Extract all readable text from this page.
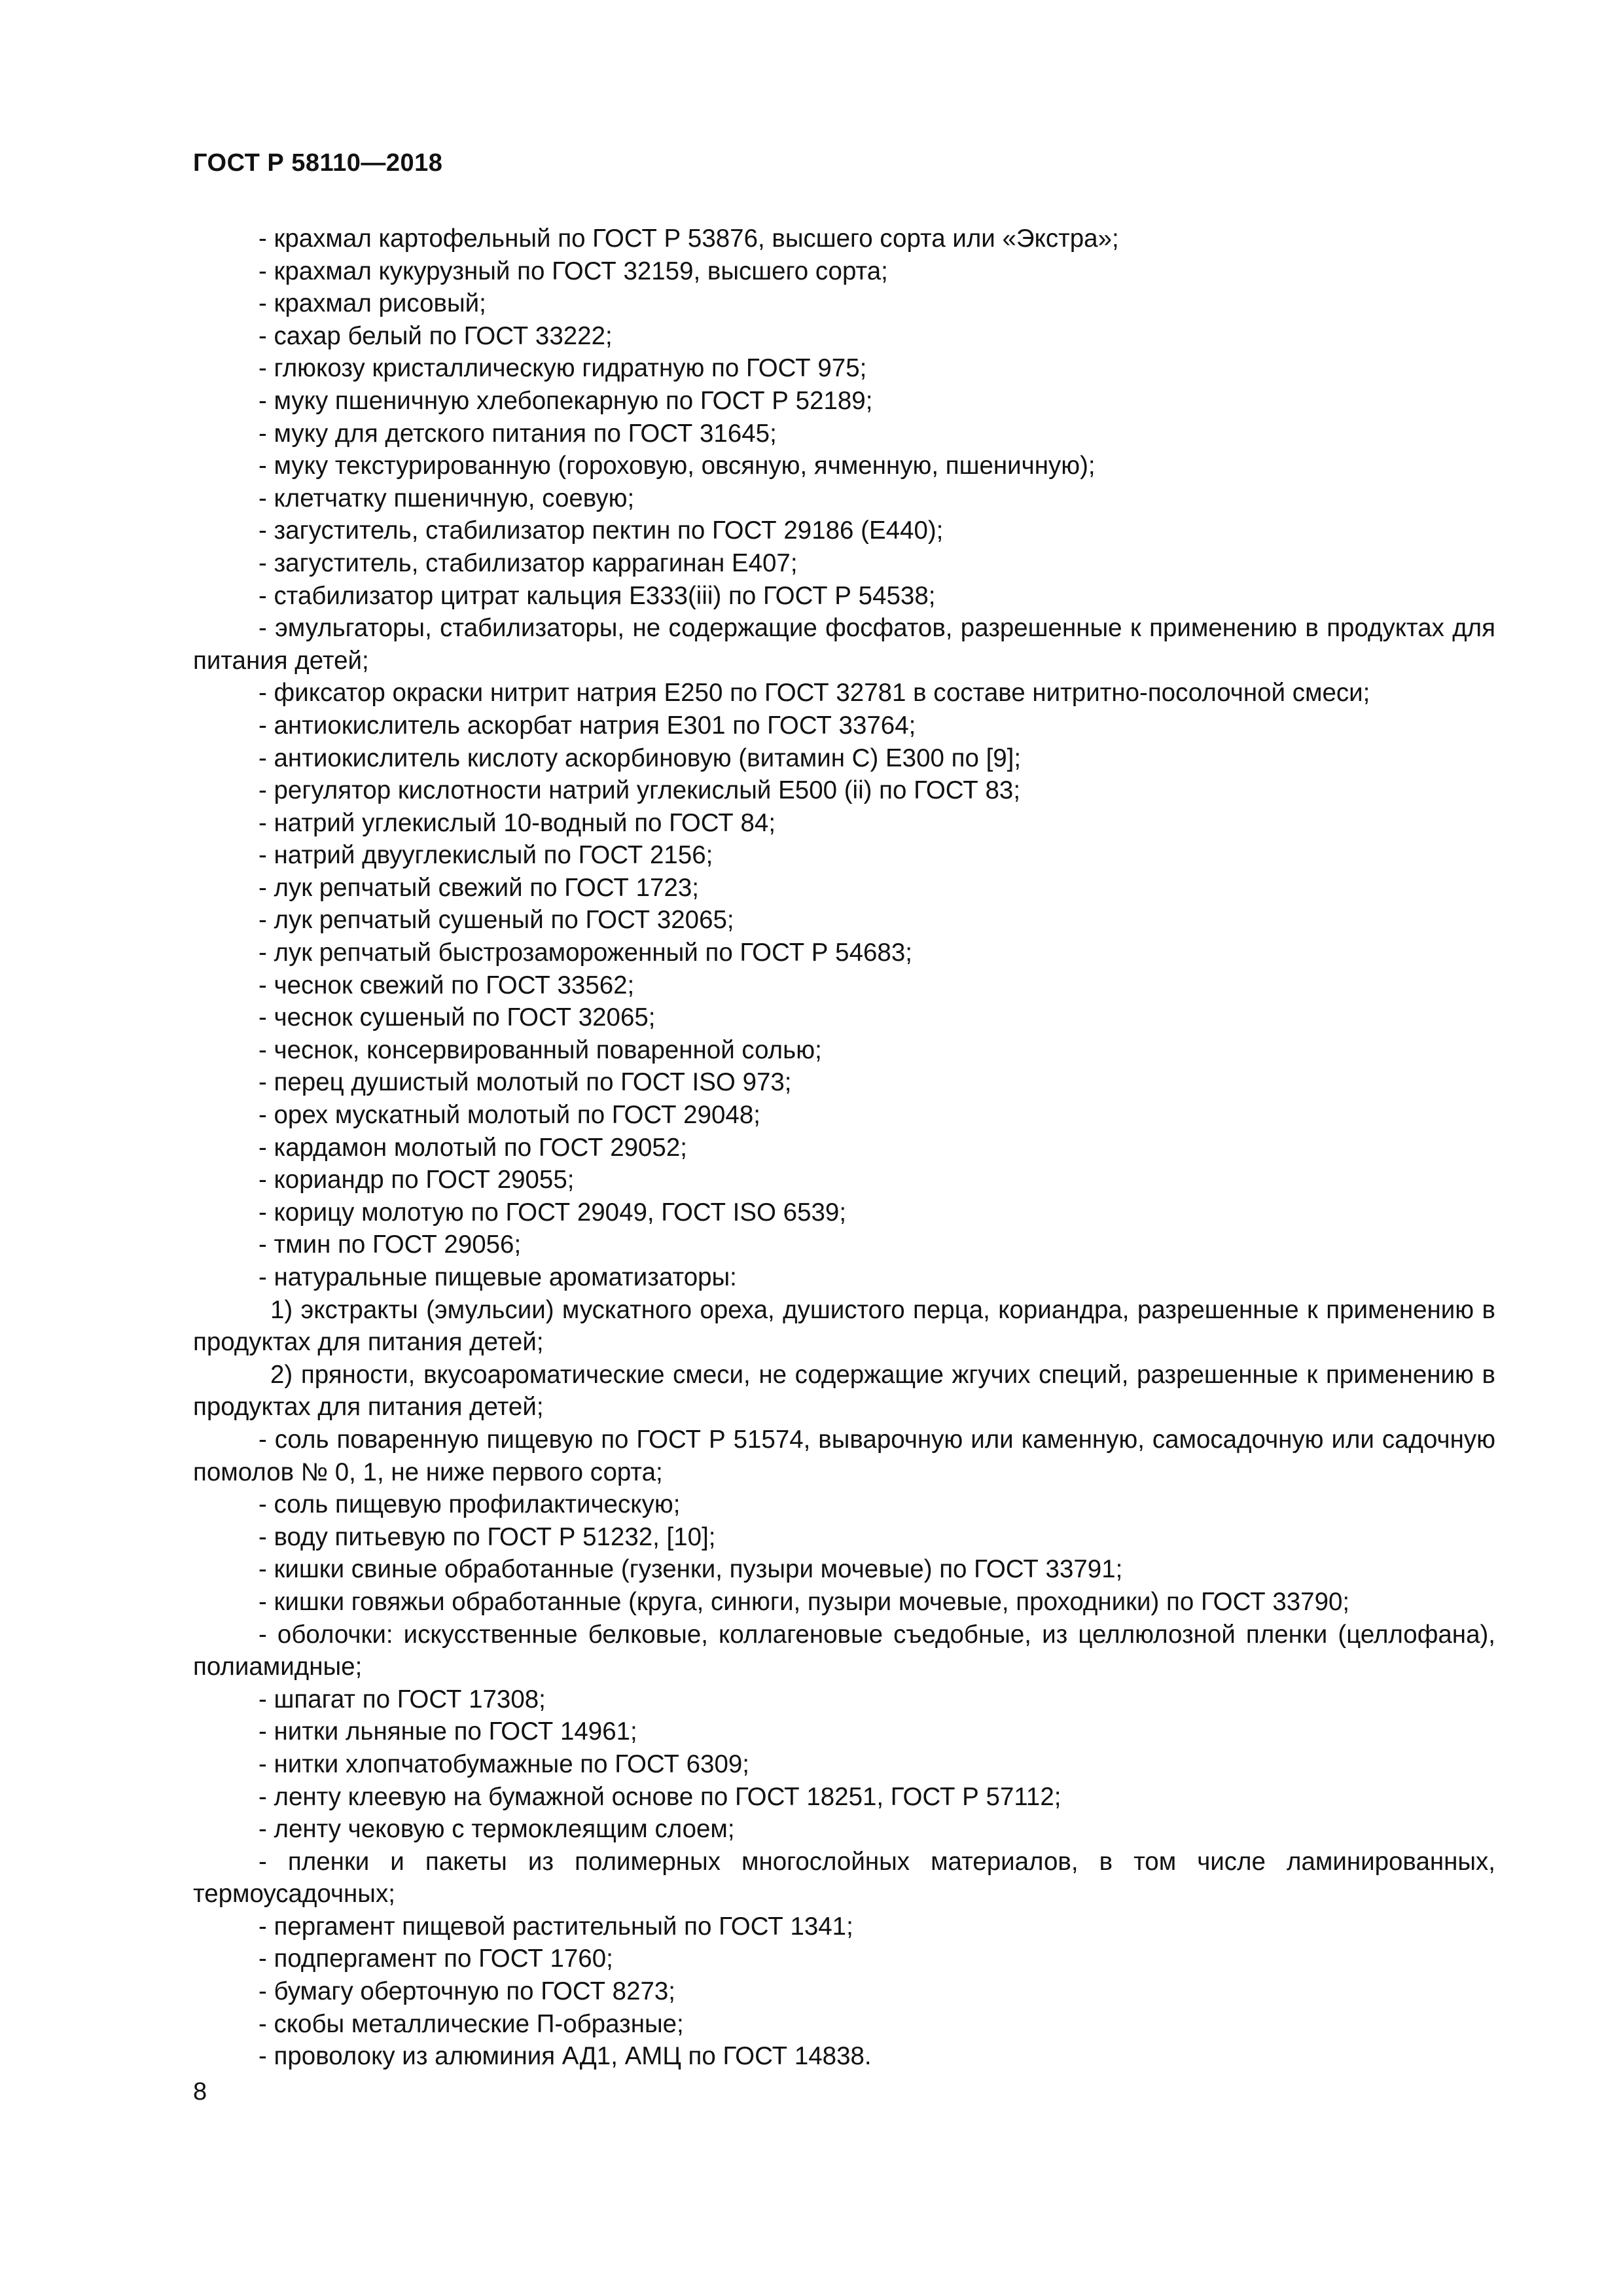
ГОСТ Р 58110—2018
- крахмал картофельный по ГОСТ Р 53876, высшего сорта или «Экстра»;
- крахмал кукурузный по ГОСТ 32159, высшего сорта;
- крахмал рисовый;
- сахар белый по ГОСТ 33222;
- глюкозу кристаллическую гидратную по ГОСТ 975;
- муку пшеничную хлебопекарную по ГОСТ Р 52189;
- муку для детского питания по ГОСТ 31645;
- муку текстурированную (гороховую, овсяную, ячменную, пшеничную);
- клетчатку пшеничную, соевую;
- загуститель, стабилизатор пектин по ГОСТ 29186 (Е440);
- загуститель, стабилизатор каррагинан Е407;
- стабилизатор цитрат кальция Е333(iii) по ГОСТ Р 54538;
- эмульгаторы, стабилизаторы, не содержащие фосфатов, разрешенные к применению в продуктах для питания детей;
- фиксатор окраски нитрит натрия Е250 по ГОСТ 32781 в составе нитритно-посолочной смеси;
- антиокислитель аскорбат натрия Е301 по ГОСТ 33764;
- антиокислитель кислоту аскорбиновую (витамин С) Е300 по [9];
- регулятор кислотности натрий углекислый Е500 (ii) по ГОСТ 83;
- натрий углекислый 10-водный по ГОСТ 84;
- натрий двууглекислый по ГОСТ 2156;
- лук репчатый свежий по ГОСТ 1723;
- лук репчатый сушеный по ГОСТ 32065;
- лук репчатый быстрозамороженный по ГОСТ Р 54683;
- чеснок свежий по ГОСТ 33562;
- чеснок сушеный по ГОСТ 32065;
- чеснок, консервированный поваренной солью;
- перец душистый молотый по ГОСТ ISO 973;
- орех мускатный молотый по ГОСТ 29048;
- кардамон молотый по ГОСТ 29052;
- кориандр по ГОСТ 29055;
- корицу молотую по ГОСТ 29049, ГОСТ ISO 6539;
- тмин по ГОСТ 29056;
- натуральные пищевые ароматизаторы:
1) экстракты (эмульсии) мускатного ореха, душистого перца, кориандра, разрешенные к применению в продуктах для питания детей;
2) пряности, вкусоароматические смеси, не содержащие жгучих специй, разрешенные к применению в продуктах для питания детей;
- соль поваренную пищевую по ГОСТ Р 51574, выварочную или каменную, самосадочную или садочную помолов № 0, 1, не ниже первого сорта;
- соль пищевую профилактическую;
- воду питьевую по ГОСТ Р 51232, [10];
- кишки свиные обработанные (гузенки, пузыри мочевые) по ГОСТ 33791;
- кишки говяжьи обработанные (круга, синюги, пузыри мочевые, проходники) по ГОСТ 33790;
- оболочки: искусственные белковые, коллагеновые съедобные, из целлюлозной пленки (целлофана), полиамидные;
- шпагат по ГОСТ 17308;
- нитки льняные по ГОСТ 14961;
- нитки хлопчатобумажные по ГОСТ 6309;
- ленту клеевую на бумажной основе по ГОСТ 18251, ГОСТ Р 57112;
- ленту чековую с термоклеящим слоем;
- пленки и пакеты из полимерных многослойных материалов, в том числе ламинированных, термоусадочных;
- пергамент пищевой растительный по ГОСТ 1341;
- подпергамент по ГОСТ 1760;
- бумагу оберточную по ГОСТ 8273;
- скобы металлические П-образные;
- проволоку из алюминия АД1, АМЦ по ГОСТ 14838.
8
